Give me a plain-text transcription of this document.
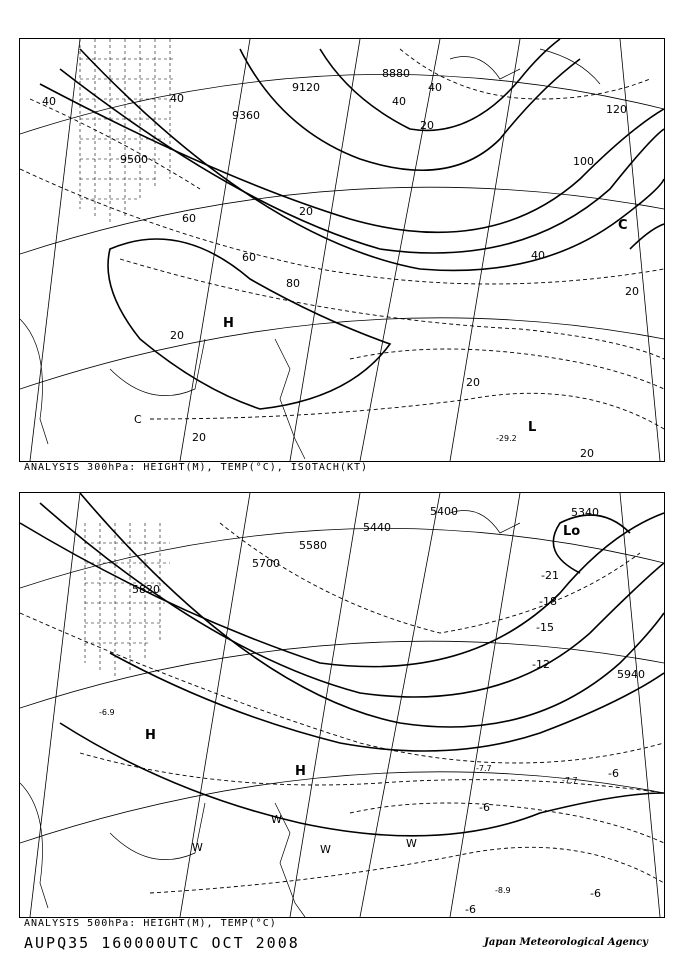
9120
9360
9500
8880
40	40	40
40
20
20
60
60
80
100
120
40
20
20
20
20
20
-29.2
H
L
C
C
ANALYSIS 300hPa: HEIGHT(M), TEMP(°C), ISOTACH(KT)
5700
5580
5820
5440
5340
5400
5940
-21
-18
-15
-12
-6
-6
-6
-6
-7.7
-6.9
-7.7
-8.9
H
H
W
W	W
W
Lo
ANALYSIS 500hPa: HEIGHT(M), TEMP(°C)
AUPQ35 160000UTC OCT 2008	Japan Meteorological Agency
